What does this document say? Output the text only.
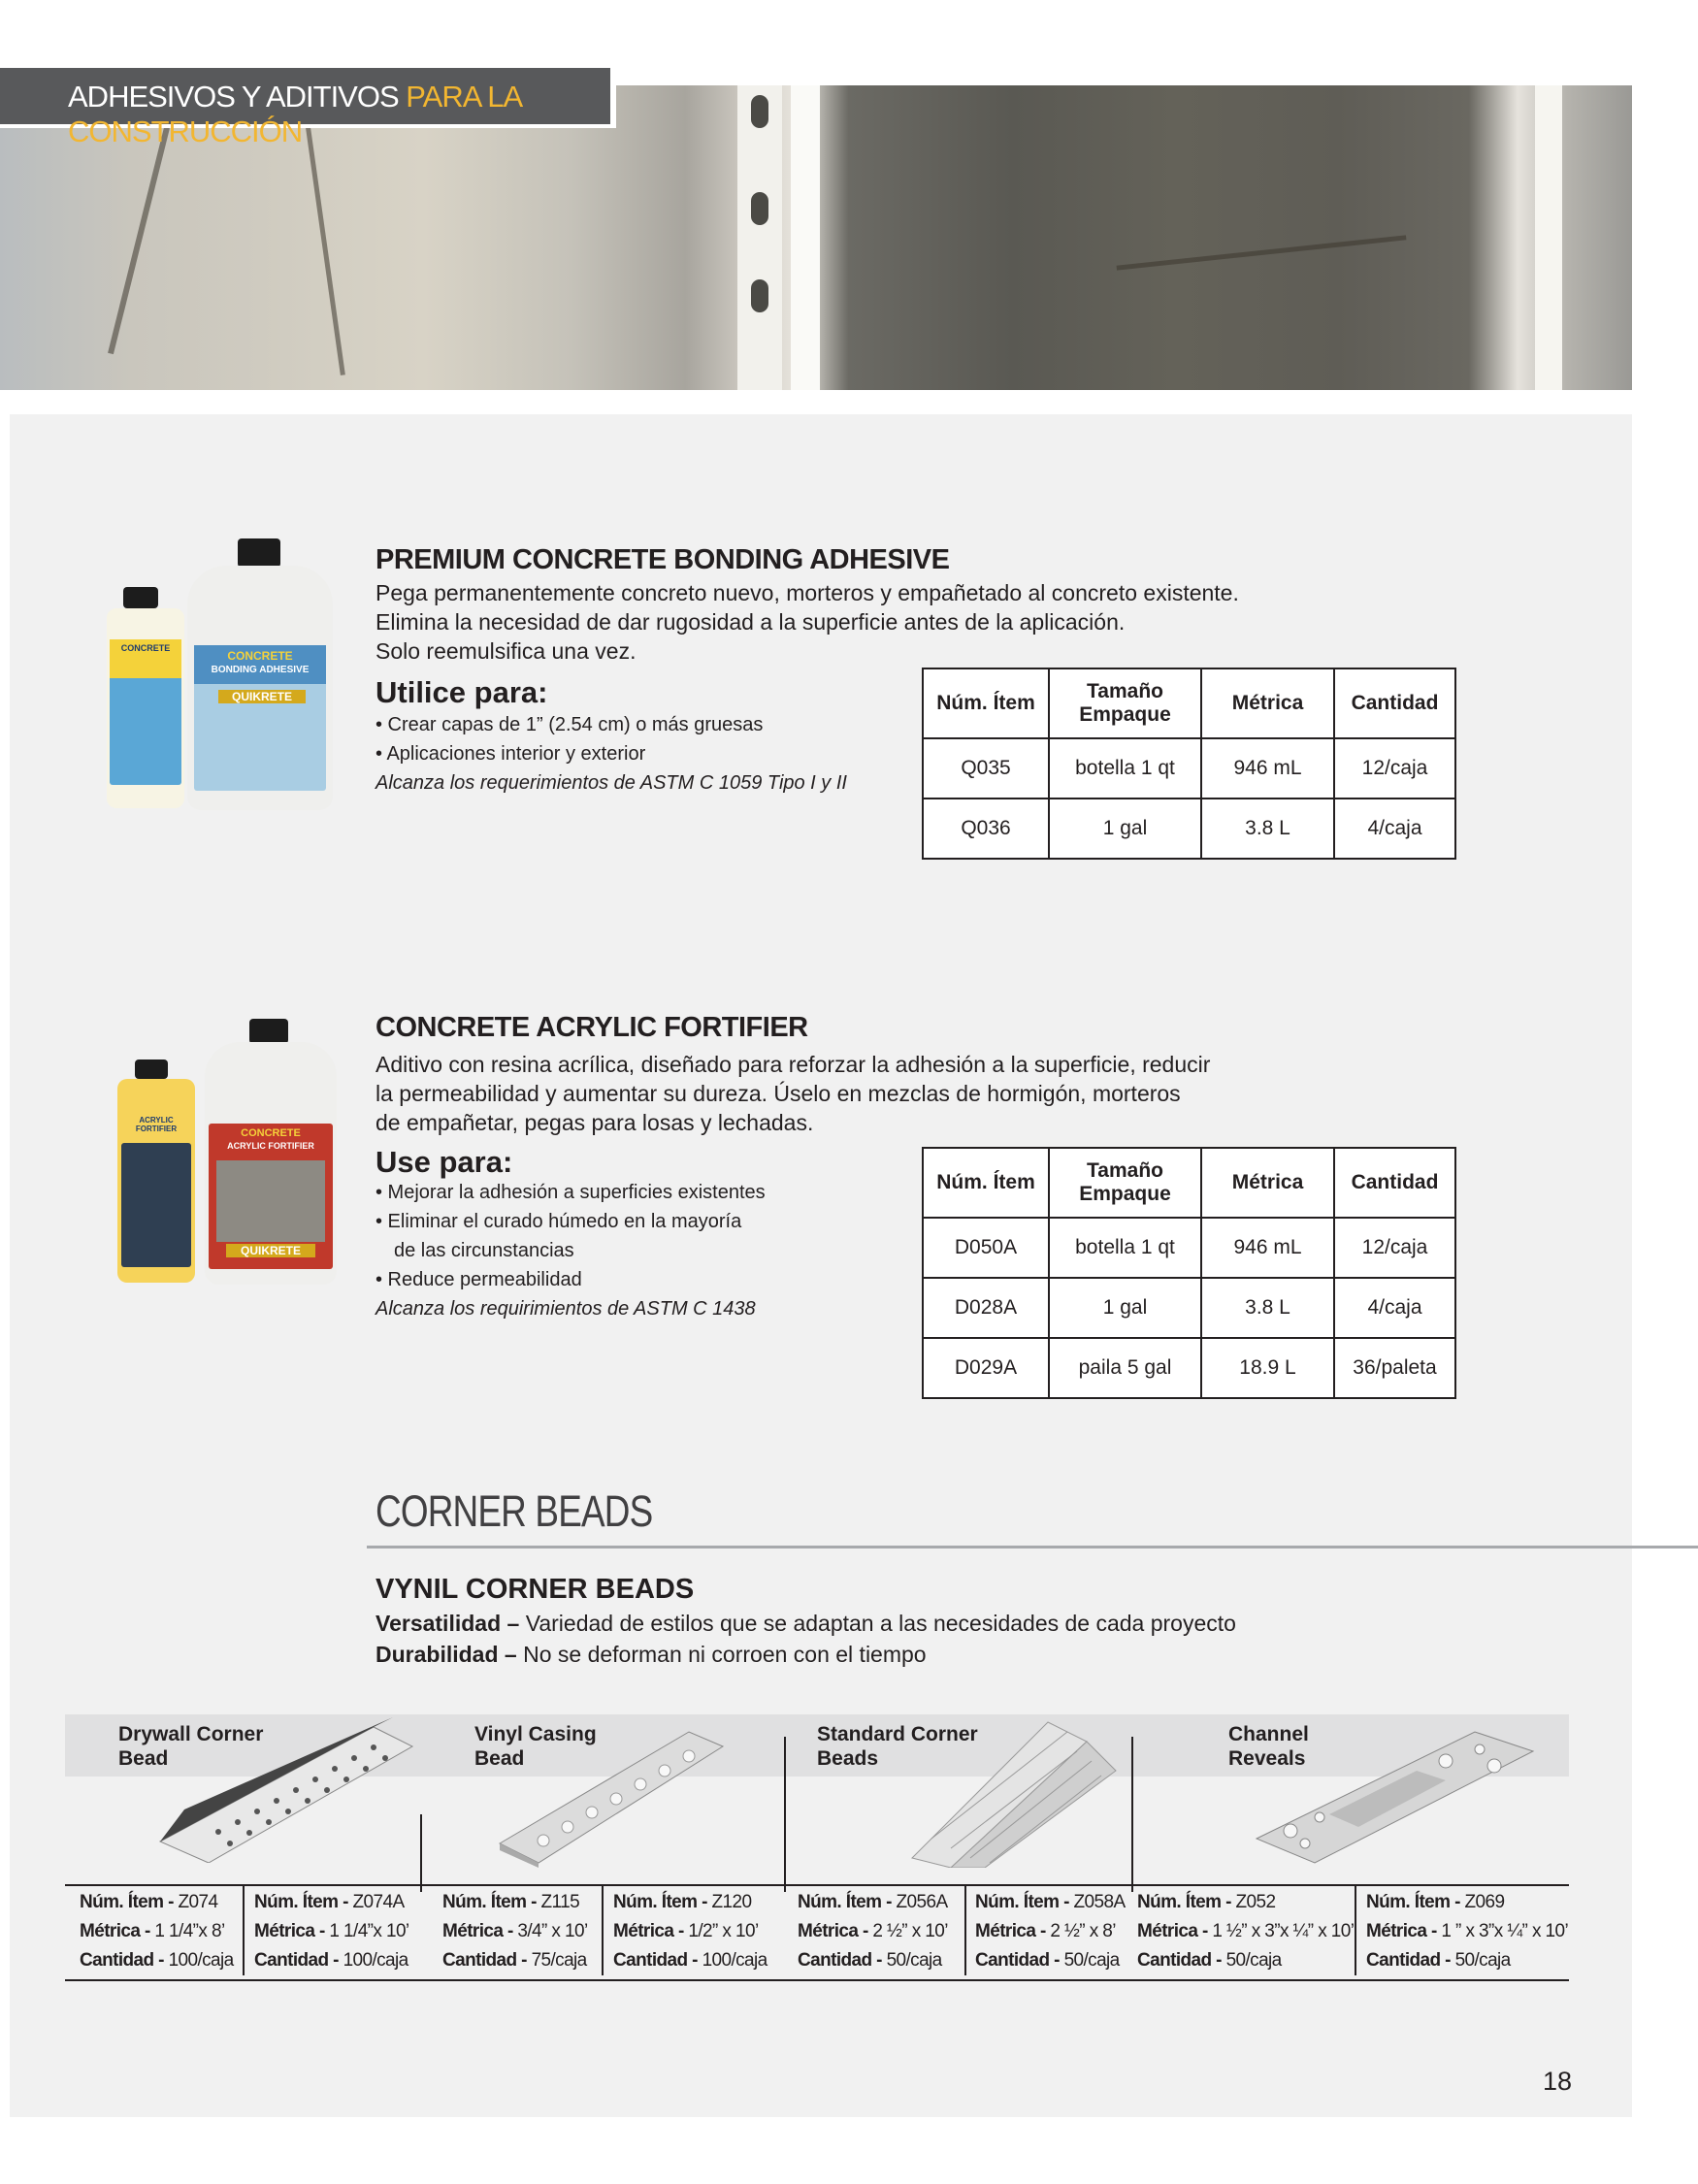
ADHESIVOS Y ADITIVOS PARA LA CONSTRUCCIÓN
CONCRETE
CONCRETE
BONDING ADHESIVE
QUIKRETE
PREMIUM CONCRETE BONDING ADHESIVE
Pega permanentemente concreto nuevo, morteros y empañetado al concreto existente.
Elimina la necesidad de dar rugosidad a la superficie antes de la aplicación.
Solo reemulsifica una vez.
Utilice para:
• Crear capas de 1” (2.54 cm) o más gruesas
• Aplicaciones interior y exterior
Alcanza los requerimientos de ASTM C 1059 Tipo I y II
Núm. Ítem	Tamaño Empaque	Métrica	Cantidad
Q035	botella 1 qt	946 mL	12/caja
Q036	1 gal	3.8 L	4/caja
ACRYLIC FORTIFIER	CONCRETE
ACRYLIC FORTIFIER
QUIKRETE
CONCRETE ACRYLIC FORTIFIER
Aditivo con resina acrílica, diseñado para reforzar la adhesión a la superficie, reducir
la permeabilidad y aumentar su dureza. Úselo en mezclas de hormigón, morteros
de empañetar, pegas para losas y lechadas.
Use para:
• Mejorar la adhesión a superficies existentes
• Eliminar el curado húmedo en la mayoría
de las circunstancias
• Reduce permeabilidad
Alcanza los requirimientos de ASTM C 1438
Núm. Ítem	Tamaño Empaque	Métrica	Cantidad
D050A	botella 1 qt	946 mL	12/caja
D028A	1 gal	3.8 L	4/caja
D029A	paila 5 gal	18.9 L	36/paleta
CORNER BEADS
VYNIL CORNER BEADS
Versatilidad – Variedad de estilos que se adaptan a las necesidades de cada proyecto
Durabilidad – No se deforman ni corroen con el tiempo
Drywall Corner
Bead
Vinyl Casing
Bead
Standard Corner
Beads
Channel
Reveals
Núm. Ítem - Z074
Métrica - 1 1/4”x 8’
Cantidad - 100/caja
Núm. Ítem - Z074A
Métrica - 1 1/4”x 10’
Cantidad - 100/caja
Núm. Ítem - Z115
Métrica - 3/4” x 10’
Cantidad - 75/caja
Núm. Ítem - Z120
Métrica - 1/2” x 10’
Cantidad - 100/caja
Núm. Ítem - Z056A
Métrica - 2 ½” x 10’
Cantidad - 50/caja
Núm. Ítem - Z058A
Métrica - 2 ½” x 8’
Cantidad - 50/caja
Núm. Ítem - Z052
Métrica - 1 ½” x 3”x ¼” x 10’
Cantidad - 50/caja
Núm. Ítem - Z069
Métrica - 1 ” x 3”x ¼” x 10’
Cantidad - 50/caja
18
